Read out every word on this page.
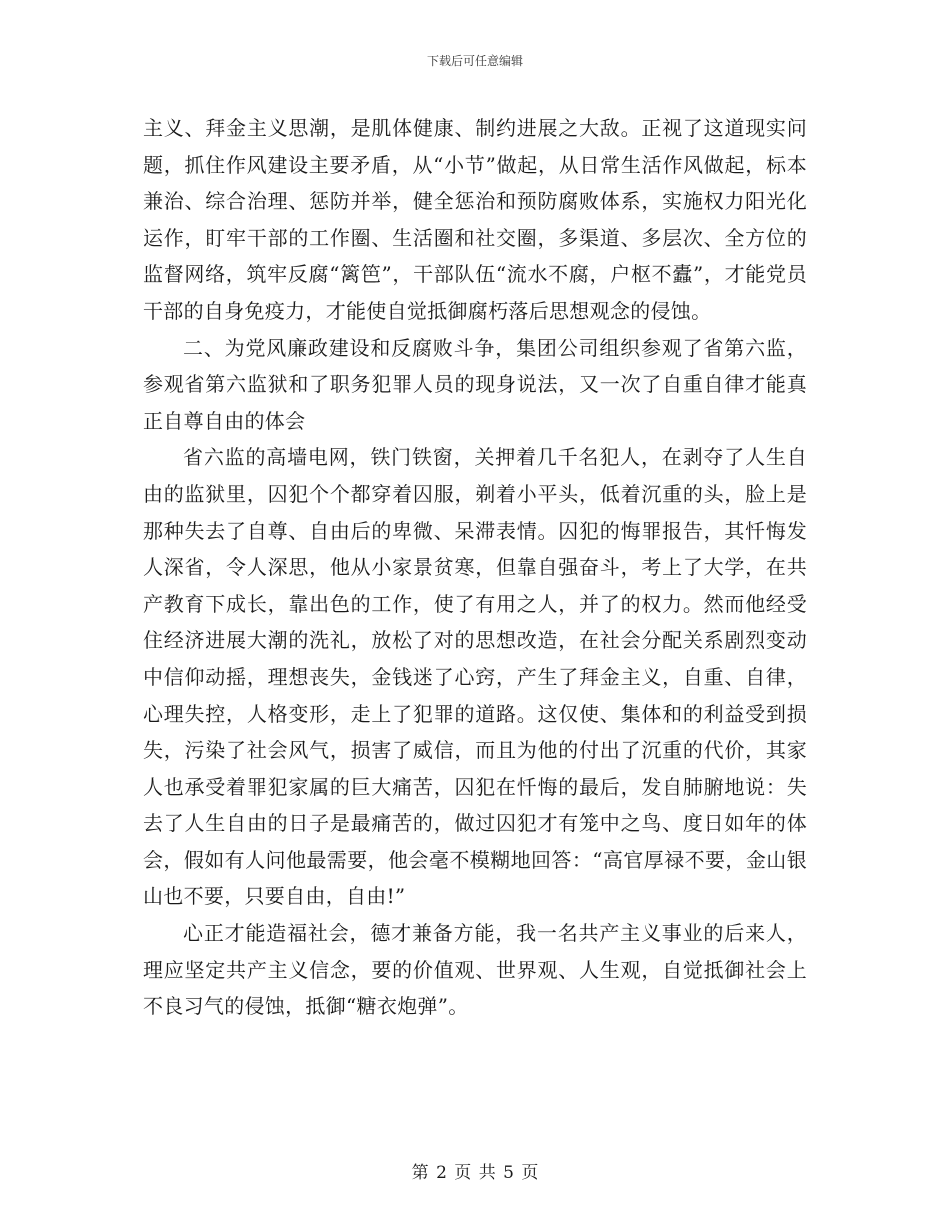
下载后可任意编辑

主义、拜金主义思潮，是肌体健康、制约进展之大敌。正视了这道现实问题，抓住作风建设主要矛盾，从“小节”做起，从日常生活作风做起，标本兼治、综合治理、惩防并举，健全惩治和预防腐败体系，实施权力阳光化运作，盯牢干部的工作圈、生活圈和社交圈，多渠道、多层次、全方位的监督网络，筑牢反腐“篱笆”，干部队伍“流水不腐，户枢不蠹”，才能党员干部的自身免疫力，才能使自觉抵御腐朽落后思想观念的侵蚀。

二、为党风廉政建设和反腐败斗争，集团公司组织参观了省第六监，参观省第六监狱和了职务犯罪人员的现身说法，又一次了自重自律才能真正自尊自由的体会

省六监的高墙电网，铁门铁窗，关押着几千名犯人，在剥夺了人生自由的监狱里，囚犯个个都穿着囚服，剃着小平头，低着沉重的头，脸上是那种失去了自尊、自由后的卑微、呆滞表情。囚犯的悔罪报告，其忏悔发人深省，令人深思，他从小家景贫寒，但靠自强奋斗，考上了大学，在共产教育下成长，靠出色的工作，使了有用之人，并了的权力。然而他经受住经济进展大潮的洗礼，放松了对的思想改造，在社会分配关系剧烈变动中信仰动摇，理想丧失，金钱迷了心窍，产生了拜金主义，自重、自律，心理失控，人格变形，走上了犯罪的道路。这仅使、集体和的利益受到损失，污染了社会风气，损害了威信，而且为他的付出了沉重的代价，其家人也承受着罪犯家属的巨大痛苦，囚犯在忏悔的最后，发自肺腑地说：失去了人生自由的日子是最痛苦的，做过囚犯才有笼中之鸟、度日如年的体会，假如有人问他最需要，他会毫不模糊地回答：“高官厚禄不要，金山银山也不要，只要自由，自由!”

心正才能造福社会，德才兼备方能，我一名共产主义事业的后来人，理应坚定共产主义信念，要的价值观、世界观、人生观，自觉抵御社会上不良习气的侵蚀，抵御“糖衣炮弹”。

第 2 页 共 5 页
